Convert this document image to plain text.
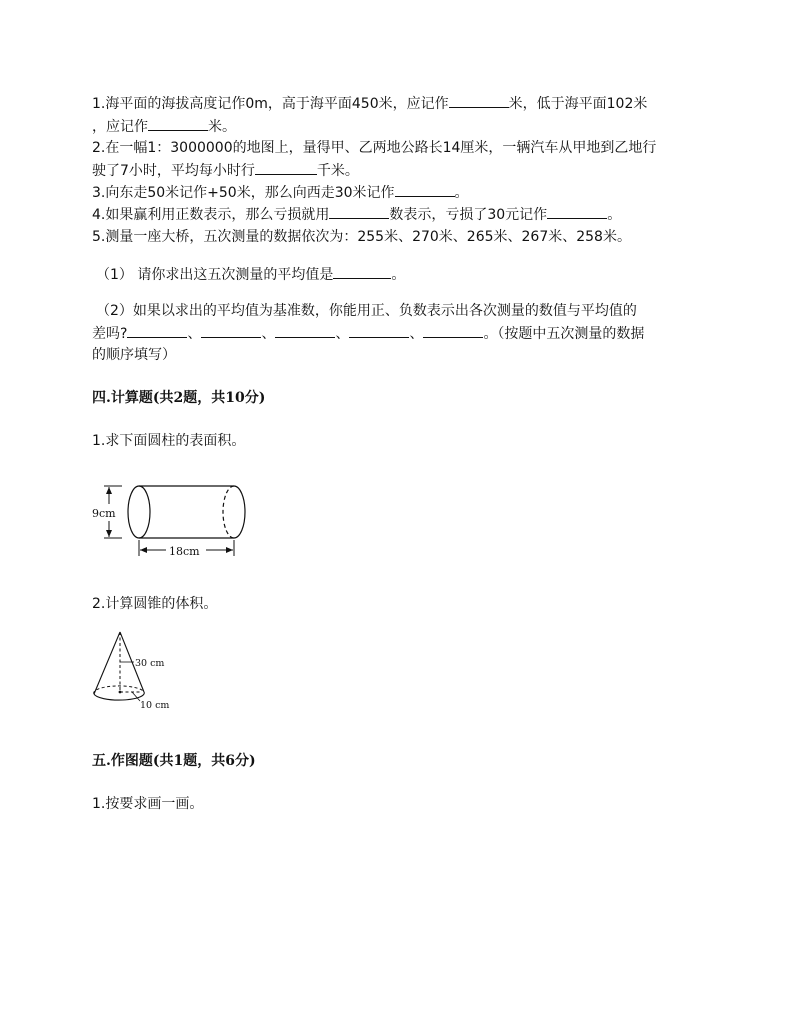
1.海平面的海拔高度记作0m，高于海平面450米，应记作	米，低于海平面102米
，应记作	米。
2.在一幅1：3000000的地图上，量得甲、乙两地公路长14厘米，一辆汽车从甲地到乙地行
驶了7小时，平均每小时行	千米。
3.向东走50米记作+50米，那么向西走30米记作	。
4.如果赢利用正数表示，那么亏损就用	数表示，亏损了30元记作	。
5.测量一座大桥，五次测量的数据依次为：255米、270米、265米、267米、258米。
（1） 请你求出这五次测量的平均值是	。
（2）如果以求出的平均值为基准数，你能用正、负数表示出各次测量的数值与平均值的
差吗?	、	、	、	、	。（按题中五次测量的数据
的顺序填写）
四.计算题(共2题，共10分)
1.求下面圆柱的表面积。
9cm
18cm
2.计算圆锥的体积。
30 cm
10 cm
五.作图题(共1题，共6分)
1.按要求画一画。
